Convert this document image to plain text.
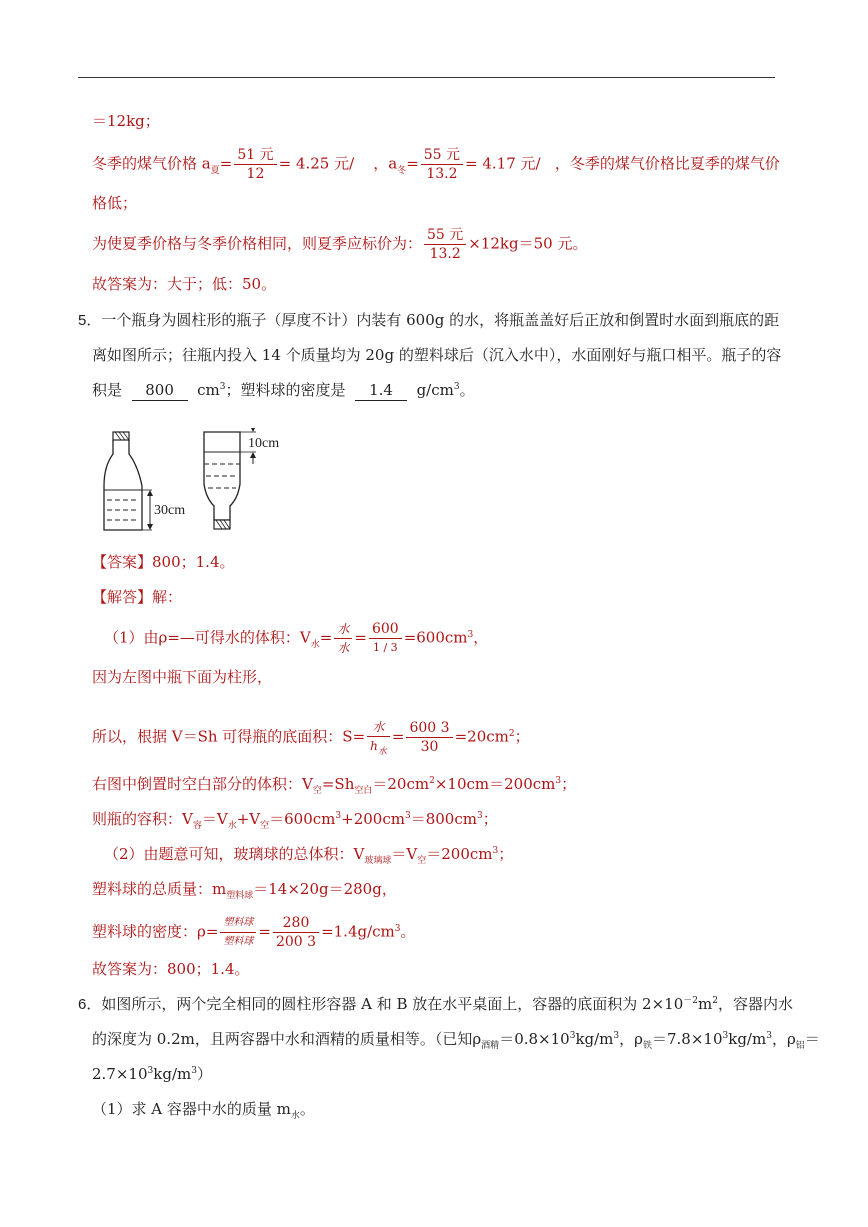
＝12kg；
冬季的煤气价格 $a_夏= \frac{\text{51 元}}{12} = 4.25$ 元/ ，$a_冬= \frac{\text{55 元}}{13.2} = 4.17$ 元/ ，冬季的煤气价格比夏季的煤气价
格低；
为使夏季价格与冬季价格相同，则夏季应标价为： $\frac{\text{55 元}}{13.2} \times 12kg=50$ 元。
故答案为：大于；低：50。
5．一个瓶身为圆柱形的瓶子（厚度不计）内装有 600g 的水，将瓶盖盖好后正放和倒置时水面到瓶底的距
离如图所示；往瓶内投入 14 个质量均为 20g 的塑料球后（沉入水中），水面刚好与瓶口相平。瓶子的容
积是 800 $cm^3$；塑料球的密度是 1.4 $g/cm^3$。
30cm
10cm
【答案】800；1.4。
【解答】解：
（1）由ρ=—可得水的体积：$V_水= \frac{\text{水}}{\text{水}} = \frac{600}{1 / 3} =600cm^3$，
因为左图中瓶下面为柱形，
所以，根据 V＝Sh 可得瓶的底面积：$S= \frac{\text{水}}{h_水} = \frac{600 3}{30} =20cm^2$；
右图中倒置时空白部分的体积：$V_空=Sh_{空白}=20cm^2\times 10cm=200cm^3$；
则瓶的容积：$V_容=V_水+V_空=600cm^3+200cm^3=800cm^3$；
（2）由题意可知，玻璃球的总体积：$V_{玻璃球}=V_空=200cm^3$；
塑料球的总质量：$m_{塑料球}=14\times 20g=280g$，
塑料球的密度：$\rho= \frac{\text{塑料球}}{\text{塑料球}} = \frac{280}{200 3} =1.4g/cm^3$。
故答案为：800；1.4。
6．如图所示，两个完全相同的圆柱形容器 A 和 B 放在水平桌面上，容器的底面积为 $2\times 10^{-2}m^2$，容器内水
的深度为 0.2m，且两容器中水和酒精的质量相等。（已知$\rho_{酒精}=0.8\times 10^3kg/m^3$，$\rho_铁=7.8\times 10^3kg/m^3$，$\rho_铝=$
$2.7\times 10^3kg/m^3$）
（1）求 A 容器中水的质量 $m_水$。
